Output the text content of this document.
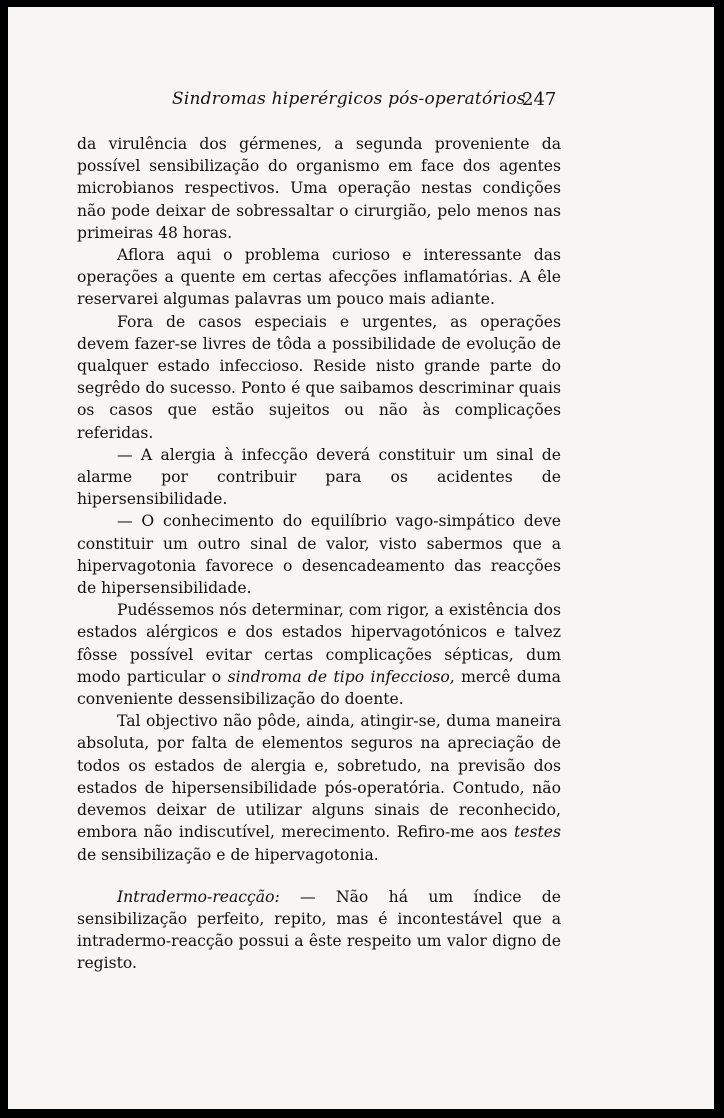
Sindromas hiperérgicos pós-operatórios
247

da virulência dos gérmenes, a segunda proveniente da possível sensibilização do organismo em face dos agentes microbianos respectivos. Uma operação nestas condições não pode deixar de sobressaltar o cirurgião, pelo menos nas primeiras 48 horas.

Aflora aqui o problema curioso e interessante das operações a quente em certas afecções inflamatórias. A êle reservarei algumas palavras um pouco mais adiante.

Fora de casos especiais e urgentes, as operações devem fazer-se livres de tôda a possibilidade de evolução de qualquer estado infeccioso. Reside nisto grande parte do segrêdo do sucesso. Ponto é que saibamos descriminar quais os casos que estão sujeitos ou não às complicações referidas.

— A alergia à infecção deverá constituir um sinal de alarme por contribuir para os acidentes de hipersensibilidade.

— O conhecimento do equilíbrio vago-simpático deve constituir um outro sinal de valor, visto sabermos que a hipervagotonia favorece o desencadeamento das reacções de hipersensibilidade.

Pudéssemos nós determinar, com rigor, a existência dos estados alérgicos e dos estados hipervagotónicos e talvez fôsse possível evitar certas complicações sépticas, dum modo particular o sindroma de tipo infeccioso, mercê duma conveniente dessensibilização do doente.

Tal objectivo não pôde, ainda, atingir-se, duma maneira absoluta, por falta de elementos seguros na apreciação de todos os estados de alergia e, sobretudo, na previsão dos estados de hipersensibilidade pós-operatória. Contudo, não devemos deixar de utilizar alguns sinais de reconhecido, embora não indiscutível, merecimento. Refiro-me aos testes de sensibilização e de hipervagotonia.

Intradermo-reacção: — Não há um índice de sensibilização perfeito, repito, mas é incontestável que a intradermo-reacção possui a êste respeito um valor digno de registo.
